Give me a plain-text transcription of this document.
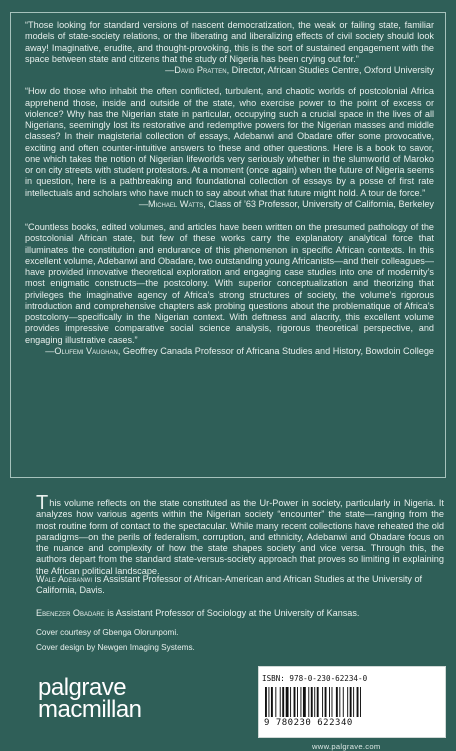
“Those looking for standard versions of nascent democratization, the weak or failing state, familiar models of state-society relations, or the liberating and liberalizing effects of civil society should look away! Imaginative, erudite, and thought-provoking, this is the sort of sustained engagement with the space between state and citizens that the study of Nigeria has been crying out for.”

—David Pratten, Director, African Studies Centre, Oxford University

“How do those who inhabit the often conflicted, turbulent, and chaotic worlds of postcolonial Africa apprehend those, inside and outside of the state, who exercise power to the point of excess or violence? Why has the Nigerian state in particular, occupying such a crucial space in the lives of all Nigerians, seemingly lost its restorative and redemptive powers for the Nigerian masses and middle classes? In their magisterial collection of essays, Adebanwi and Obadare offer some provocative, exciting and often counter-intuitive answers to these and other questions. Here is a book to savor, one which takes the notion of Nigerian lifeworlds very seriously whether in the slumworld of Maroko or on city streets with student protestors. At a moment (once again) when the future of Nigeria seems in question, here is a pathbreaking and foundational collection of essays by a posse of first rate intellectuals and scholars who have much to say about what that future might hold. A tour de force.”

—Michael Watts, Class of ’63 Professor, University of California, Berkeley

“Countless books, edited volumes, and articles have been written on the presumed pathology of the postcolonial African state, but few of these works carry the explanatory analytical force that illuminates the constitution and endurance of this phenomenon in specific African contexts. In this excellent volume, Adebanwi and Obadare, two outstanding young Africanists—and their colleagues—have provided innovative theoretical exploration and engaging case studies into one of modernity’s most enigmatic constructs—the postcolony. With superior conceptualization and theorizing that privileges the imaginative agency of Africa’s strong structures of society, the volume’s rigorous introduction and comprehensive chapters ask probing questions about the problematique of Africa’s postcolony—specifically in the Nigerian context. With deftness and alacrity, this excellent volume provides impressive comparative social science analysis, rigorous theoretical perspective, and engaging illustrative cases.”

—Olufemi Vaughan, Geoffrey Canada Professor of Africana Studies and History, Bowdoin College

This volume reflects on the state constituted as the Ur-Power in society, particularly in Nigeria. It analyzes how various agents within the Nigerian society “encounter” the state—ranging from the most routine form of contact to the spectacular. While many recent collections have reheated the old paradigms—on the perils of federalism, corruption, and ethnicity, Adebanwi and Obadare focus on the nuance and complexity of how the state shapes society and vice versa. Through this, the authors depart from the standard state-versus-society approach that proves so limiting in explaining the African political landscape.

Wale Adebanwi is Assistant Professor of African-American and African Studies at the University of California, Davis.

Ebenezer Obadare is Assistant Professor of Sociology at the University of Kansas.

Cover courtesy of Gbenga Olorunpomi.

Cover design by Newgen Imaging Systems.

palgrave
macmillan
ISBN: 978-0-230-62234-0
9 780230 622340
www.palgrave.com
